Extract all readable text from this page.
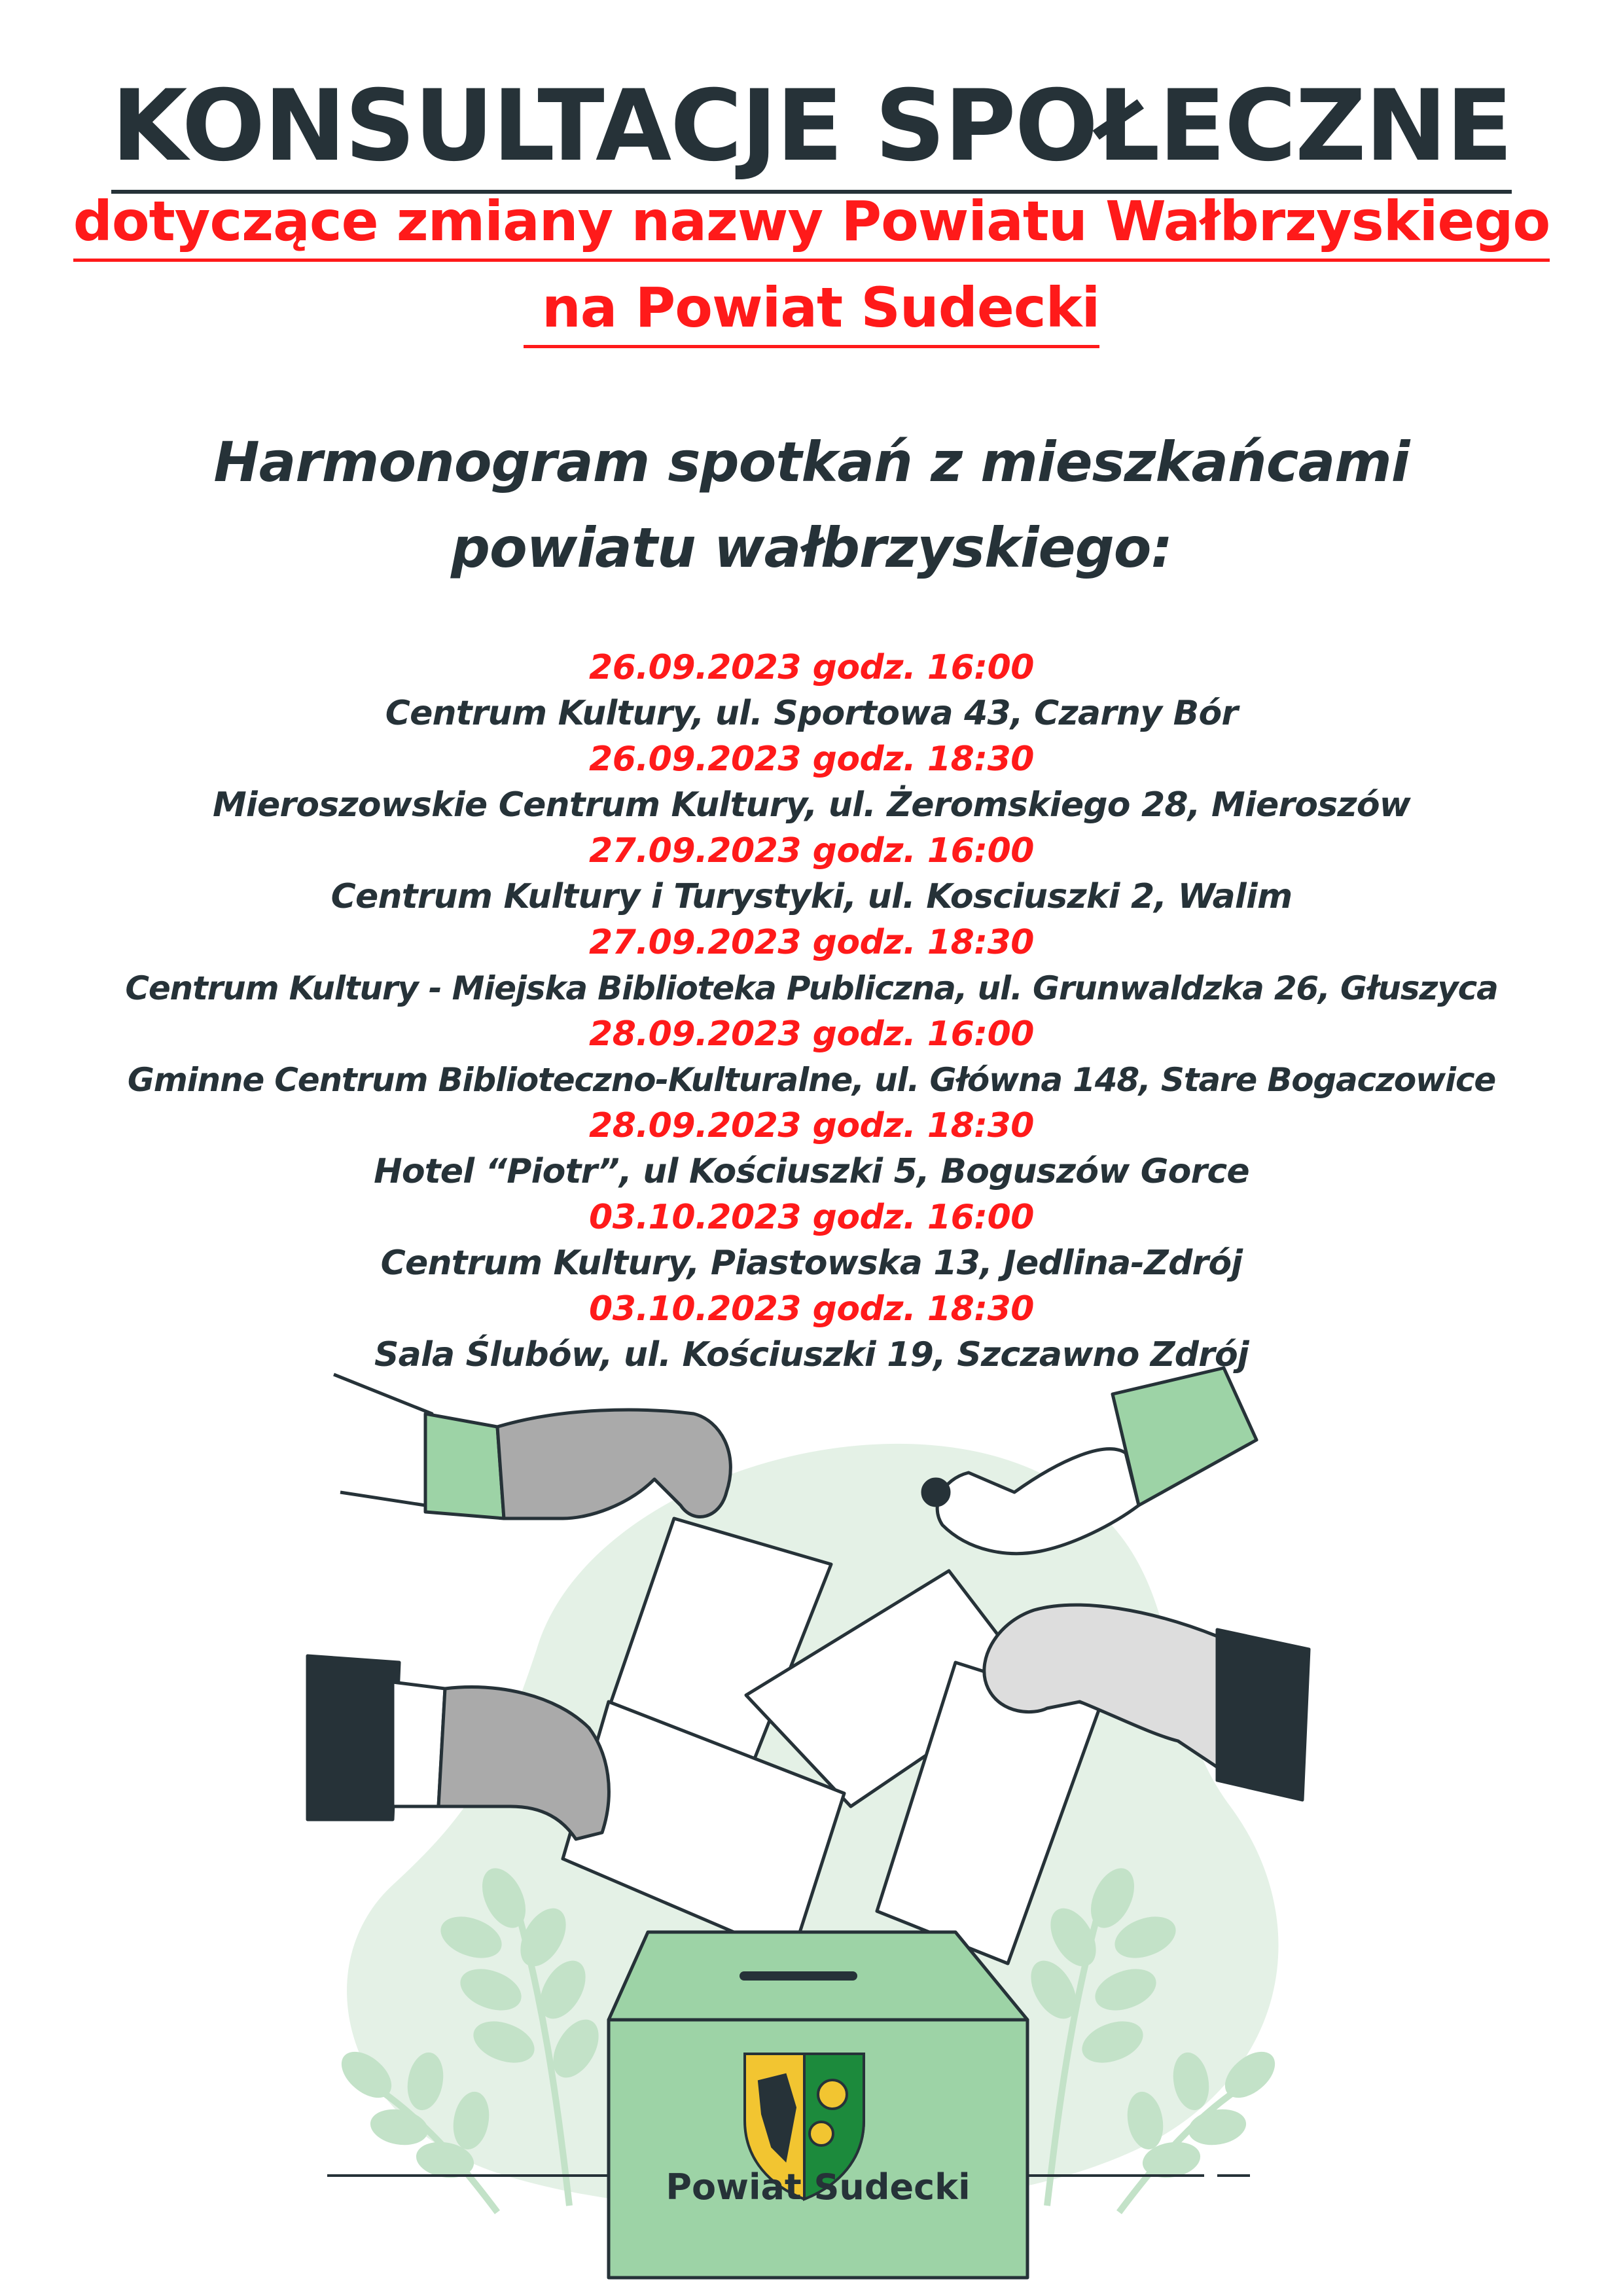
KONSULTACJE SPOŁECZNE
dotyczące zmiany nazwy Powiatu Wałbrzyskiego
na Powiat Sudecki
Harmonogram spotkań z mieszkańcami
powiatu wałbrzyskiego:
26.09.2023 godz. 16:00
Centrum Kultury, ul. Sportowa 43, Czarny Bór
26.09.2023 godz. 18:30
Mieroszowskie Centrum Kultury, ul. Żeromskiego 28, Mieroszów
27.09.2023 godz. 16:00
Centrum Kultury i Turystyki, ul. Kosciuszki 2, Walim
27.09.2023 godz. 18:30
Centrum Kultury - Miejska Biblioteka Publiczna, ul. Grunwaldzka 26, Głuszyca
28.09.2023 godz. 16:00
Gminne Centrum Biblioteczno-Kulturalne, ul. Główna 148, Stare Bogaczowice
28.09.2023 godz. 18:30
Hotel “Piotr”, ul Kościuszki 5, Boguszów Gorce
03.10.2023 godz. 16:00
Centrum Kultury, Piastowska 13, Jedlina-Zdrój
03.10.2023 godz. 18:30
Sala Ślubów, ul. Kościuszki 19, Szczawno Zdrój
Powiat Sudecki
